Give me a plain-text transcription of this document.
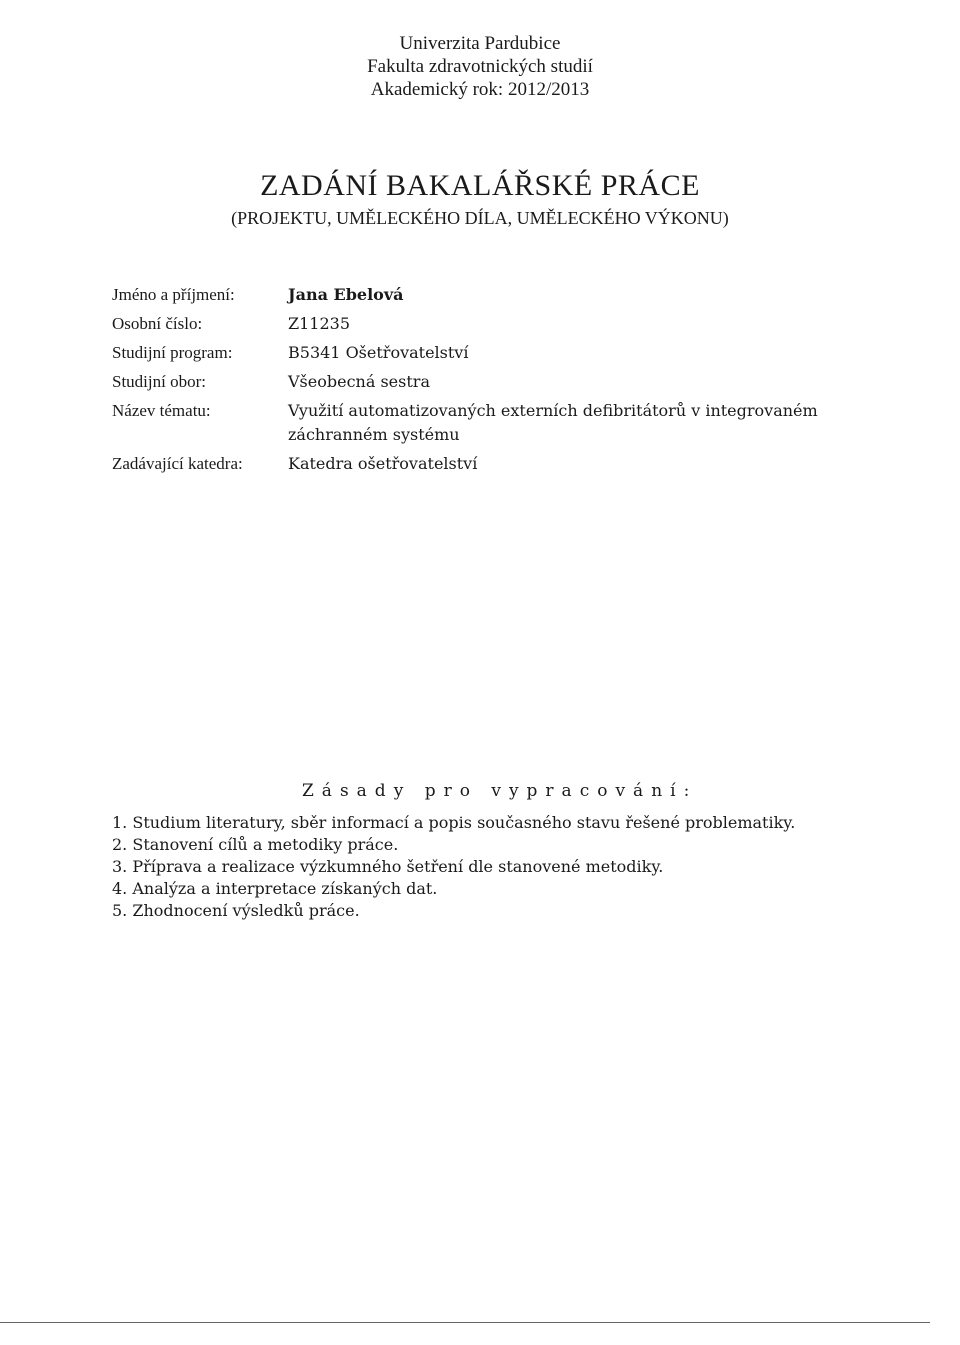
Univerzita Pardubice
Fakulta zdravotnických studií
Akademický rok: 2012/2013
ZADÁNÍ BAKALÁŘSKÉ PRÁCE
(PROJEKTU, UMĚLECKÉHO DÍLA, UMĚLECKÉHO VÝKONU)
Jméno a příjmení:	Jana Ebelová
Osobní číslo:	Z11235
Studijní program:	B5341 Ošetřovatelství
Studijní obor:	Všeobecná sestra
Název tématu:	Využití automatizovaných externích defibritátorů v integrovaném záchranném systému
Zadávající katedra:	Katedra ošetřovatelství
Zásady pro vypracování:
1. Studium literatury, sběr informací a popis současného stavu řešené problematiky.
2. Stanovení cílů a metodiky práce.
3. Příprava a realizace výzkumného šetření dle stanovené metodiky.
4. Analýza a interpretace získaných dat.
5. Zhodnocení výsledků práce.
